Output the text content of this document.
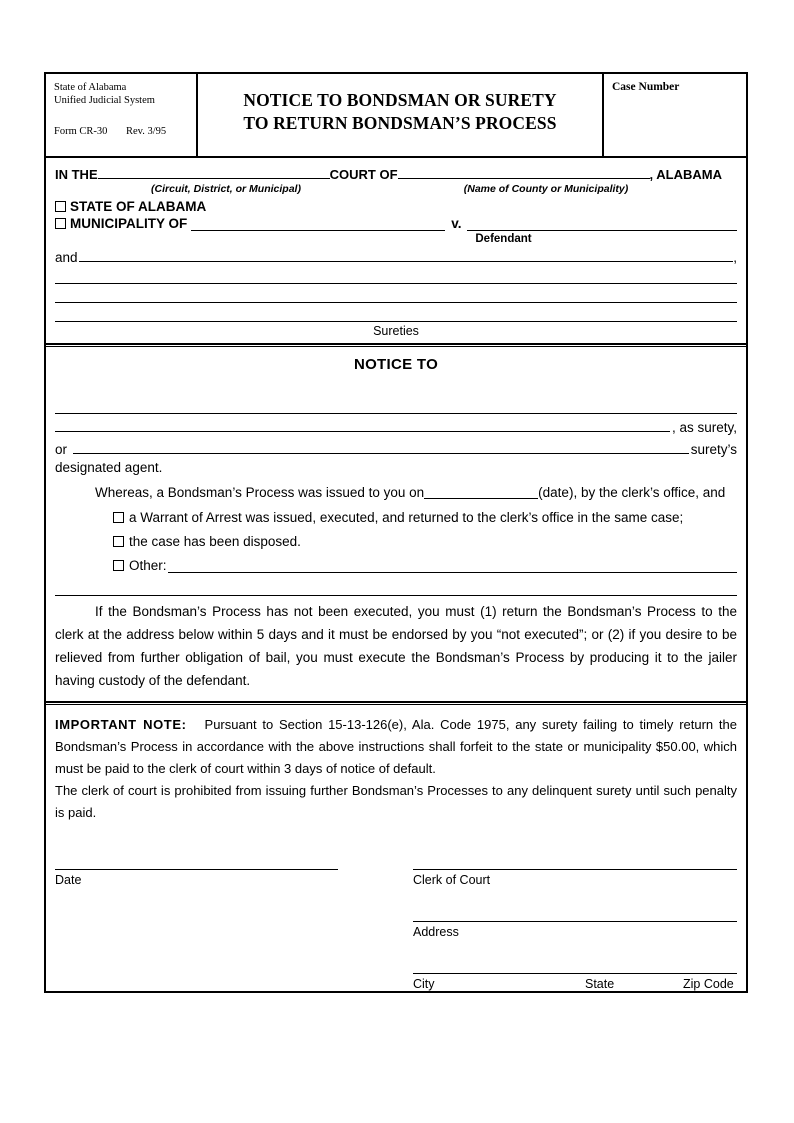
State of Alabama
Unified Judicial System
Form CR-30	Rev. 3/95
NOTICE TO BONDSMAN OR SURETY
TO RETURN BONDSMAN’S PROCESS
Case Number
IN THE	COURT OF	, ALABAMA
(Circuit, District, or Municipal)	(Name of County or Municipality)
STATE OF ALABAMA
MUNICIPALITY OF	v.
Defendant
and	,
Sureties
NOTICE TO
, as surety,
or	surety’s
designated agent.
Whereas, a Bondsman’s Process was issued to you on	(date), by the clerk’s office, and
a Warrant of Arrest was issued, executed, and returned to the clerk’s office in the same case;
the case has been disposed.
Other:
If the Bondsman’s Process has not been executed, you must (1) return the Bondsman’s Process to the clerk at the address below within 5 days and it must be endorsed by you “not executed”; or (2) if you desire to be relieved from further obligation of bail, you must execute the Bondsman’s Process by producing it to the jailer having custody of the defendant.
IMPORTANT NOTE: Pursuant to Section 15-13-126(e), Ala. Code 1975, any surety failing to timely return the Bondsman’s Process in accordance with the above instructions shall forfeit to the state or municipality $50.00, which must be paid to the clerk of court within 3 days of notice of default.
The clerk of court is prohibited from issuing further Bondsman’s Processes to any delinquent surety until such penalty is paid.
Date	Clerk of Court
Address
City	State	Zip Code
